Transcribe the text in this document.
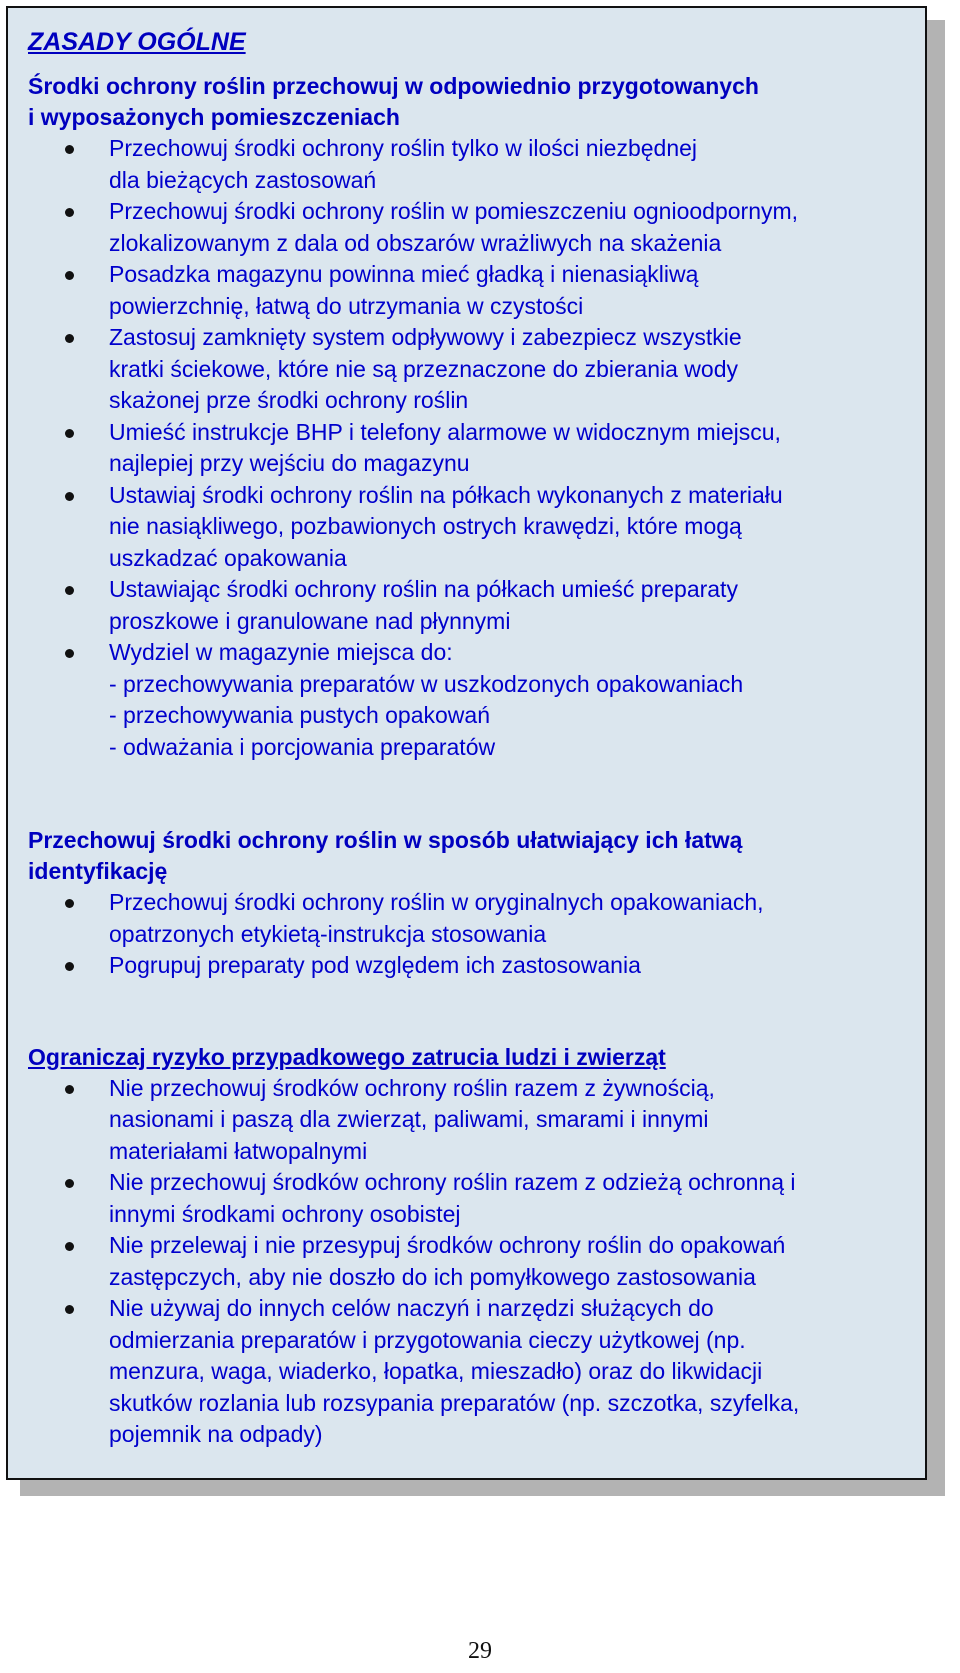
ZASADY OGÓLNE
Środki ochrony roślin przechowuj w odpowiednio przygotowanych
i wyposażonych pomieszczeniach
Przechowuj środki ochrony roślin tylko w ilości niezbędnej
dla bieżących zastosowań
Przechowuj środki ochrony roślin w pomieszczeniu ognioodpornym,
zlokalizowanym z dala od obszarów wrażliwych na skażenia
Posadzka magazynu powinna mieć gładką i nienasiąkliwą
powierzchnię, łatwą do utrzymania w czystości
Zastosuj zamknięty system odpływowy i zabezpiecz wszystkie
kratki ściekowe, które nie są przeznaczone do zbierania wody
skażonej prze środki ochrony roślin
Umieść instrukcje BHP i telefony alarmowe w widocznym miejscu,
najlepiej przy wejściu do magazynu
Ustawiaj środki ochrony roślin na półkach wykonanych z materiału
nie nasiąkliwego, pozbawionych ostrych krawędzi, które mogą
uszkadzać opakowania
Ustawiając środki ochrony roślin na półkach umieść preparaty
proszkowe i granulowane nad płynnymi
Wydziel w magazynie miejsca do:
- przechowywania preparatów w uszkodzonych opakowaniach
- przechowywania pustych opakowań
- odważania i porcjowania preparatów
Przechowuj środki ochrony roślin w sposób ułatwiający ich łatwą
identyfikację
Przechowuj środki ochrony roślin w oryginalnych opakowaniach,
opatrzonych etykietą-instrukcja stosowania
Pogrupuj preparaty pod względem ich zastosowania
Ograniczaj ryzyko przypadkowego zatrucia ludzi i zwierząt
Nie przechowuj środków ochrony roślin razem z żywnością,
nasionami i paszą dla zwierząt, paliwami, smarami i innymi
materiałami łatwopalnymi
Nie przechowuj środków ochrony roślin razem z odzieżą ochronną i
innymi środkami ochrony osobistej
Nie przelewaj i nie przesypuj środków ochrony roślin do opakowań
zastępczych, aby nie doszło do ich pomyłkowego zastosowania
Nie używaj do innych celów naczyń i narzędzi służących do
odmierzania preparatów i przygotowania cieczy użytkowej (np.
menzura, waga, wiaderko, łopatka, mieszadło) oraz do likwidacji
skutków rozlania lub rozsypania preparatów (np. szczotka, szyfelka,
pojemnik na odpady)
29
